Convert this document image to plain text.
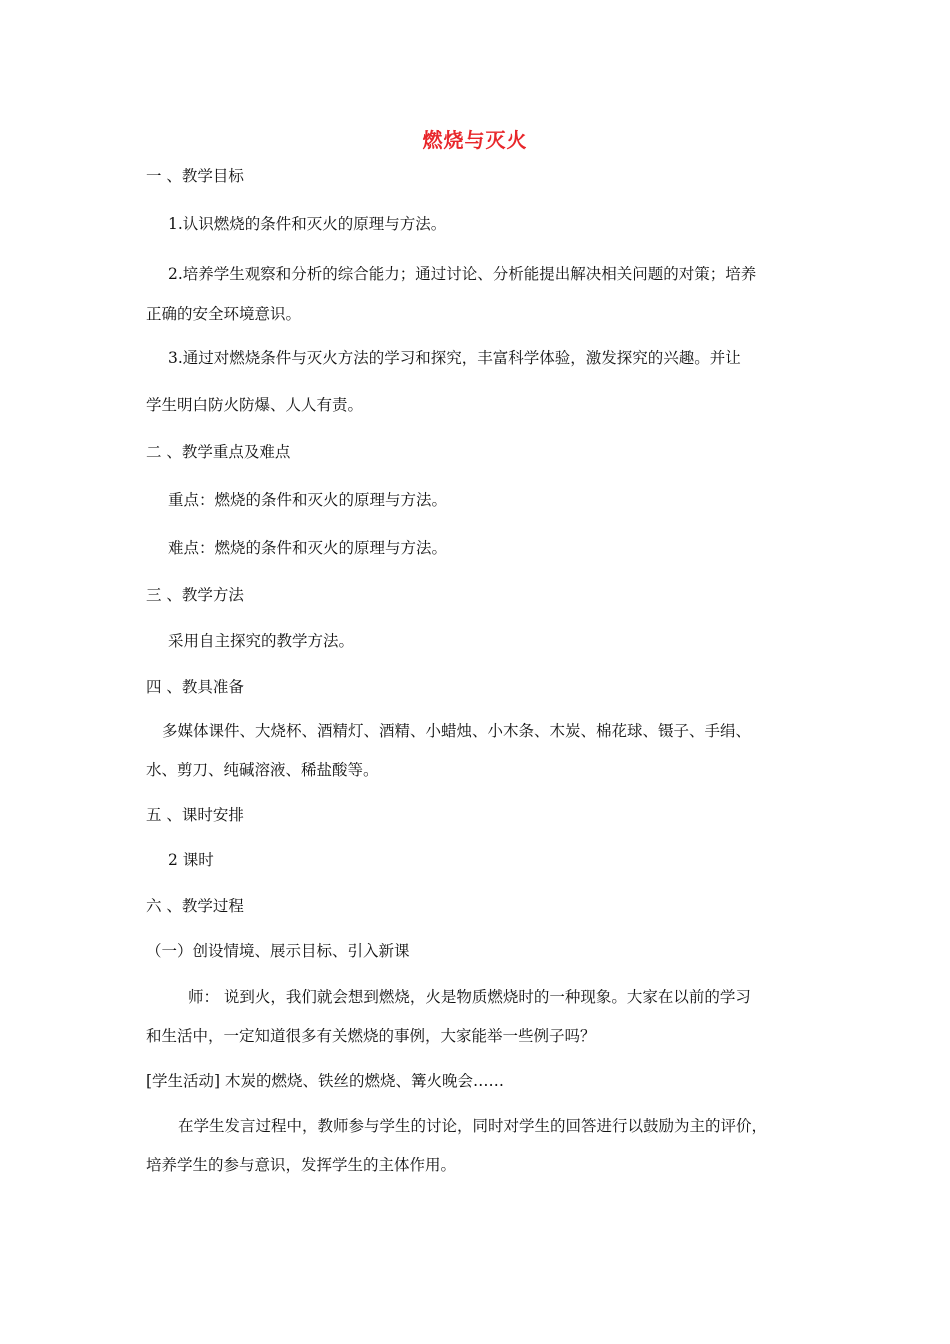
燃烧与灭火
一 、教学目标
1.认识燃烧的条件和灭火的原理与方法。
2.培养学生观察和分析的综合能力；通过讨论、分析能提出解决相关问题的对策；培养
正确的安全环境意识。
3.通过对燃烧条件与灭火方法的学习和探究，丰富科学体验，激发探究的兴趣。并让
学生明白防火防爆、人人有责。
二 、教学重点及难点
重点：燃烧的条件和灭火的原理与方法。
难点：燃烧的条件和灭火的原理与方法。
三 、教学方法
采用自主探究的教学方法。
四 、教具准备
多媒体课件、大烧杯、酒精灯、酒精、小蜡烛、小木条、木炭、棉花球、镊子、手绢、
水、剪刀、纯碱溶液、稀盐酸等。
五 、课时安排
2 课时
六 、教学过程
（一）创设情境、展示目标、引入新课
师： 说到火，我们就会想到燃烧，火是物质燃烧时的一种现象。大家在以前的学习
和生活中，一定知道很多有关燃烧的事例，大家能举一些例子吗？
[学生活动] 木炭的燃烧、铁丝的燃烧、篝火晚会……
在学生发言过程中，教师参与学生的讨论，同时对学生的回答进行以鼓励为主的评价，
培养学生的参与意识，发挥学生的主体作用。
